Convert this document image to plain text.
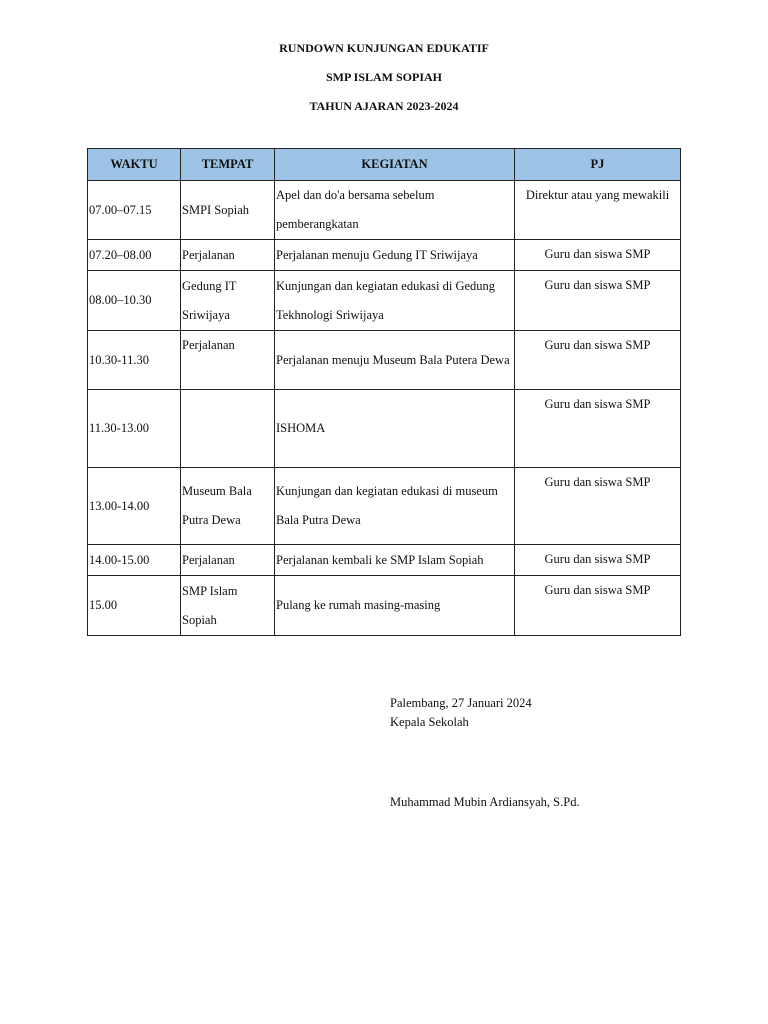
RUNDOWN KUNJUNGAN EDUKATIF
SMP ISLAM SOPIAH
TAHUN AJARAN 2023-2024
WAKTU	TEMPAT	KEGIATAN	PJ
07.00–07.15	SMPI Sopiah	Apel dan do'a bersama sebelum pemberangkatan	Direktur atau yang mewakili
07.20–08.00	Perjalanan	Perjalanan menuju Gedung IT Sriwijaya	Guru dan siswa SMP
08.00–10.30	Gedung IT Sriwijaya	Kunjungan dan kegiatan edukasi di Gedung Tekhnologi Sriwijaya	Guru dan siswa SMP
10.30-11.30	Perjalanan	Perjalanan menuju Museum Bala Putera Dewa	Guru dan siswa SMP
11.30-13.00		ISHOMA	Guru dan siswa SMP
13.00-14.00	Museum Bala Putra Dewa	Kunjungan dan kegiatan edukasi di museum Bala Putra Dewa	Guru dan siswa SMP
14.00-15.00	Perjalanan	Perjalanan kembali ke SMP Islam Sopiah	Guru dan siswa SMP
15.00	SMP Islam Sopiah	Pulang ke rumah masing-masing	Guru dan siswa SMP
Palembang, 27 Januari 2024
Kepala Sekolah
Muhammad Mubin Ardiansyah, S.Pd.
